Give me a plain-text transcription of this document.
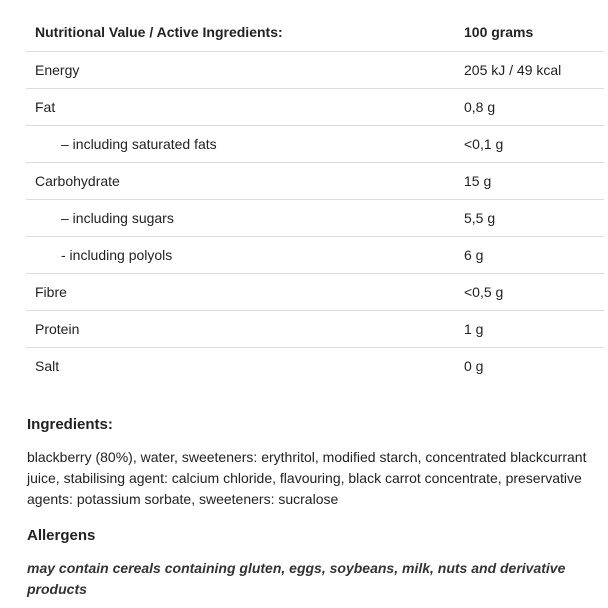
Nutritional Value / Active Ingredients:	100 grams
Energy	205 kJ / 49 kcal
Fat	0,8 g
– including saturated fats	<0,1 g
Carbohydrate	15 g
– including sugars	5,5 g
- including polyols	6 g
Fibre	<0,5 g
Protein	1 g
Salt	0 g
Ingredients:

blackberry (80%), water, sweeteners: erythritol, modified starch, concentrated blackcurrant juice, stabilising agent: calcium chloride, flavouring, black carrot concentrate, preservative agents: potassium sorbate, sweeteners: sucralose

Allergens

may contain cereals containing gluten, eggs, soybeans, milk, nuts and derivative products
